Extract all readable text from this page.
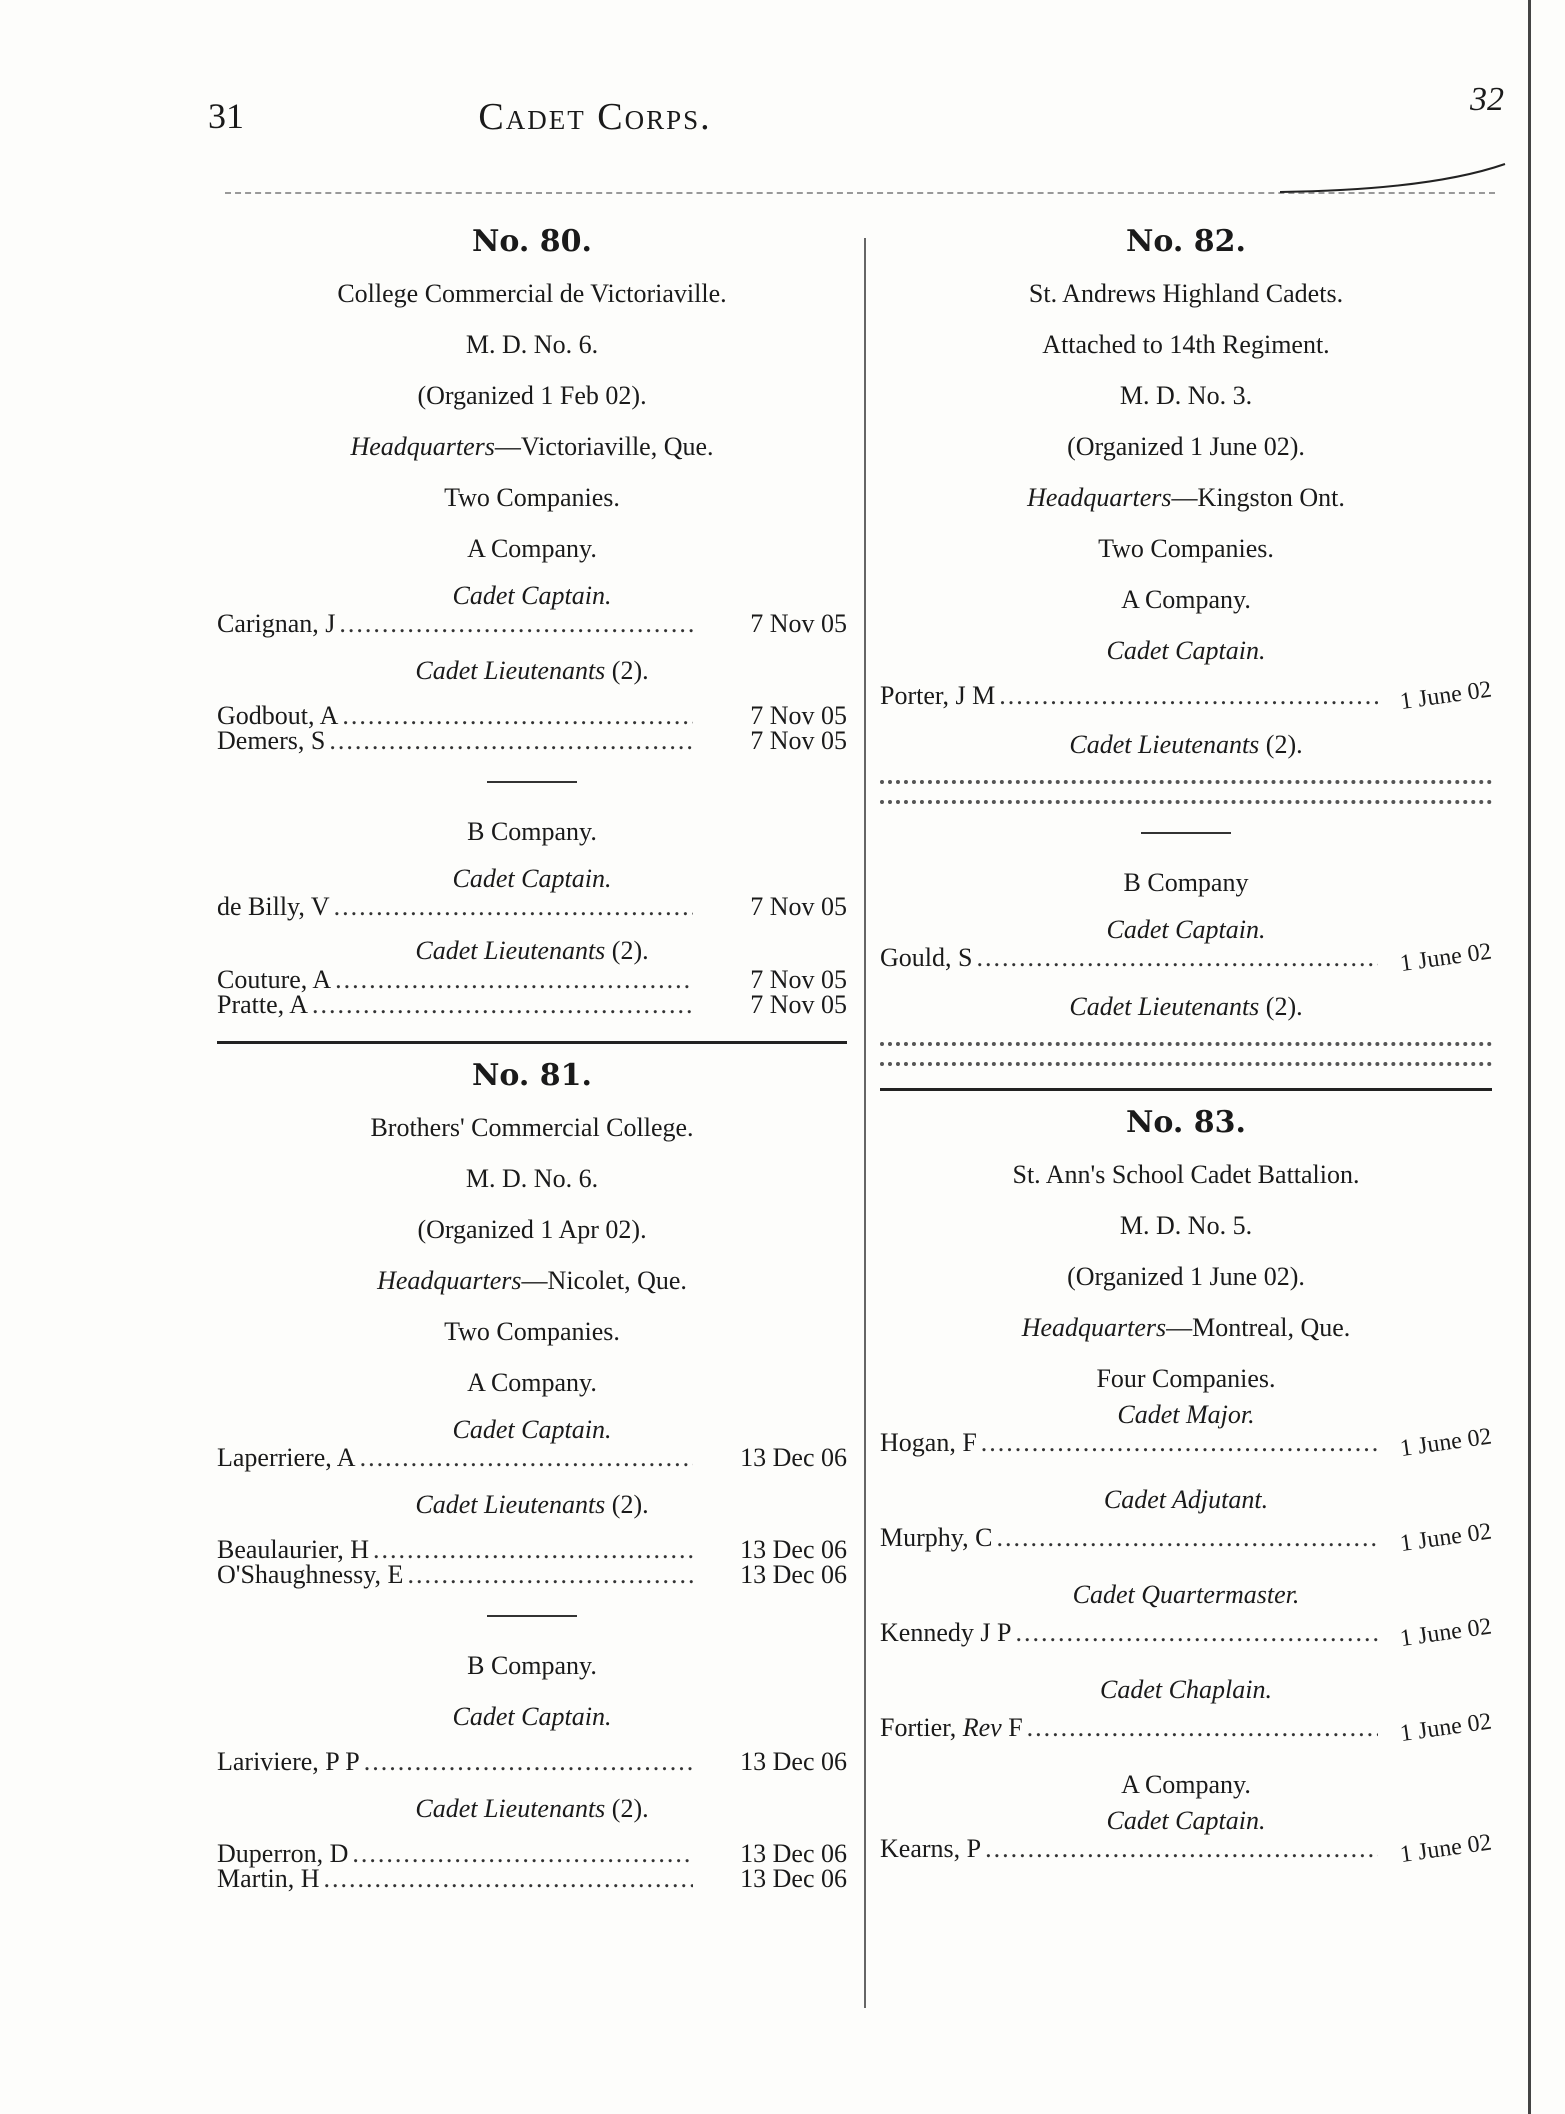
31	Cadet Corps.	32
No. 80.
College Commercial de Victoriaville.
M. D. No. 6.
(Organized 1 Feb 02).
Headquarters—Victoriaville, Que.
Two Companies.
A Company.
Cadet Captain.
Carignan, J .....	7 Nov 05
Cadet Lieutenants (2).
Godbout, A .....	7 Nov 05
Demers, S .....	7 Nov 05
B Company.
Cadet Captain.
de Billy, V .....	7 Nov 05
Cadet Lieutenants (2).
Couture, A .....	7 Nov 05
Pratte, A .....	7 Nov 05
No. 81.
Brothers' Commercial College.
M. D. No. 6.
(Organized 1 Apr 02).
Headquarters—Nicolet, Que.
Two Companies.
A Company.
Cadet Captain.
Laperriere, A .....	13 Dec 06
Cadet Lieutenants (2).
Beaulaurier, H .....	13 Dec 06
O'Shaughnessy, E .....	13 Dec 06
B Company.
Cadet Captain.
Lariviere, P P .....	13 Dec 06
Cadet Lieutenants (2).
Duperron, D .....	13 Dec 06
Martin, H .....	13 Dec 06
No. 82.
St. Andrews Highland Cadets.
Attached to 14th Regiment.
M. D. No. 3.
(Organized 1 June 02).
Headquarters—Kingston Ont.
Two Companies.
A Company.
Cadet Captain.
Porter, J M .....	1 June 02
Cadet Lieutenants (2).
B Company
Cadet Captain.
Gould, S .....	1 June 02
Cadet Lieutenants (2).
No. 83.
St. Ann's School Cadet Battalion.
M. D. No. 5.
(Organized 1 June 02).
Headquarters—Montreal, Que.
Four Companies.
Cadet Major.
Hogan, F .....	1 June 02
Cadet Adjutant.
Murphy, C .....	1 June 02
Cadet Quartermaster.
Kennedy J P .....	1 June 02
Cadet Chaplain.
Fortier, Rev F .....	1 June 02
A Company.
Cadet Captain.
Kearns, P .....	1 June 02
